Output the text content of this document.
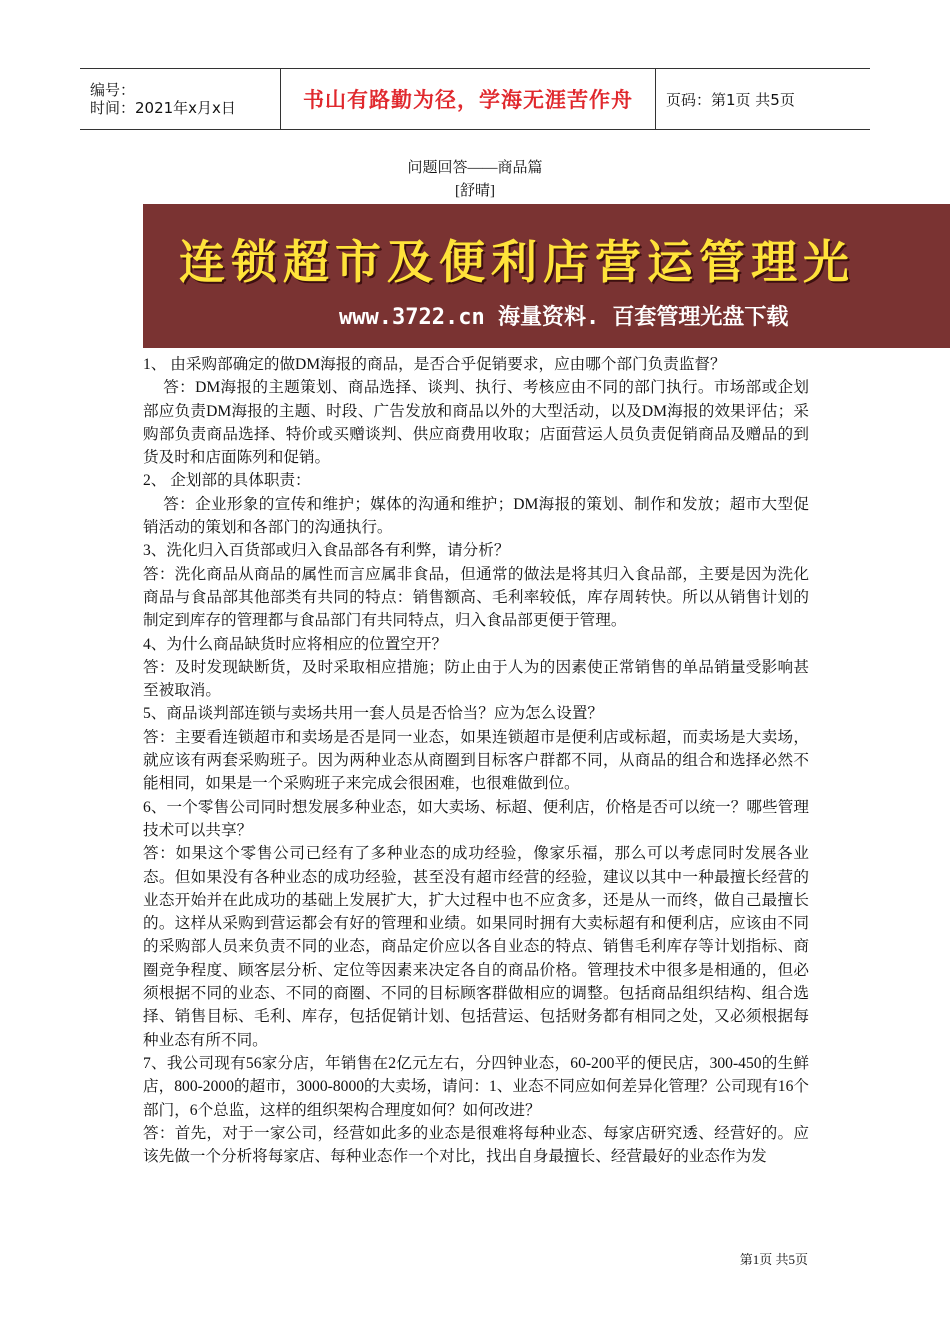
编号：
时间：2021年x月x日	书山有路勤为径，学海无涯苦作舟 页码：第1页 共5页
问题回答——商品篇
[舒晴]
连锁超市及便利店营运管理光
www.3722.cn 海量资料. 百套管理光盘下载

1、 由采购部确定的做DM海报的商品，是否合乎促销要求，应由哪个部门负责监督？

答：DM海报的主题策划、商品选择、谈判、执行、考核应由不同的部门执行。市场部或企划部应负责DM海报的主题、时段、广告发放和商品以外的大型活动，以及DM海报的效果评估；采购部负责商品选择、特价或买赠谈判、供应商费用收取；店面营运人员负责促销商品及赠品的到货及时和店面陈列和促销。

2、 企划部的具体职责：

答：企业形象的宣传和维护；媒体的沟通和维护；DM海报的策划、制作和发放；超市大型促销活动的策划和各部门的沟通执行。

3、洗化归入百货部或归入食品部各有利弊，请分析？

答：洗化商品从商品的属性而言应属非食品，但通常的做法是将其归入食品部，主要是因为洗化商品与食品部其他部类有共同的特点：销售额高、毛利率较低，库存周转快。所以从销售计划的制定到库存的管理都与食品部门有共同特点，归入食品部更便于管理。

4、为什么商品缺货时应将相应的位置空开？

答：及时发现缺断货，及时采取相应措施；防止由于人为的因素使正常销售的单品销量受影响甚至被取消。

5、商品谈判部连锁与卖场共用一套人员是否恰当？应为怎么设置？

答：主要看连锁超市和卖场是否是同一业态，如果连锁超市是便利店或标超，而卖场是大卖场，就应该有两套采购班子。因为两种业态从商圈到目标客户群都不同，从商品的组合和选择必然不能相同，如果是一个采购班子来完成会很困难，也很难做到位。

6、一个零售公司同时想发展多种业态，如大卖场、标超、便利店，价格是否可以统一？哪些管理技术可以共享？

答：如果这个零售公司已经有了多种业态的成功经验，像家乐福，那么可以考虑同时发展各业态。但如果没有各种业态的成功经验，甚至没有超市经营的经验，建议以其中一种最擅长经营的业态开始并在此成功的基础上发展扩大，扩大过程中也不应贪多，还是从一而终，做自己最擅长的。这样从采购到营运都会有好的管理和业绩。如果同时拥有大卖标超有和便利店，应该由不同的采购部人员来负责不同的业态，商品定价应以各自业态的特点、销售毛利库存等计划指标、商圈竞争程度、顾客层分析、定位等因素来决定各自的商品价格。管理技术中很多是相通的，但必须根据不同的业态、不同的商圈、不同的目标顾客群做相应的调整。包括商品组织结构、组合选择、销售目标、毛利、库存，包括促销计划、包括营运、包括财务都有相同之处，又必须根据每种业态有所不同。

7、我公司现有56家分店，年销售在2亿元左右，分四钟业态，60-200平的便民店，300-450的生鲜店，800-2000的超市，3000-8000的大卖场，请问：1、业态不同应如何差异化管理？公司现有16个部门，6个总监，这样的组织架构合理度如何？如何改进？

答：首先，对于一家公司，经营如此多的业态是很难将每种业态、每家店研究透、经营好的。应该先做一个分析将每家店、每种业态作一个对比，找出自身最擅长、经营最好的业态作为发

第1页 共5页
